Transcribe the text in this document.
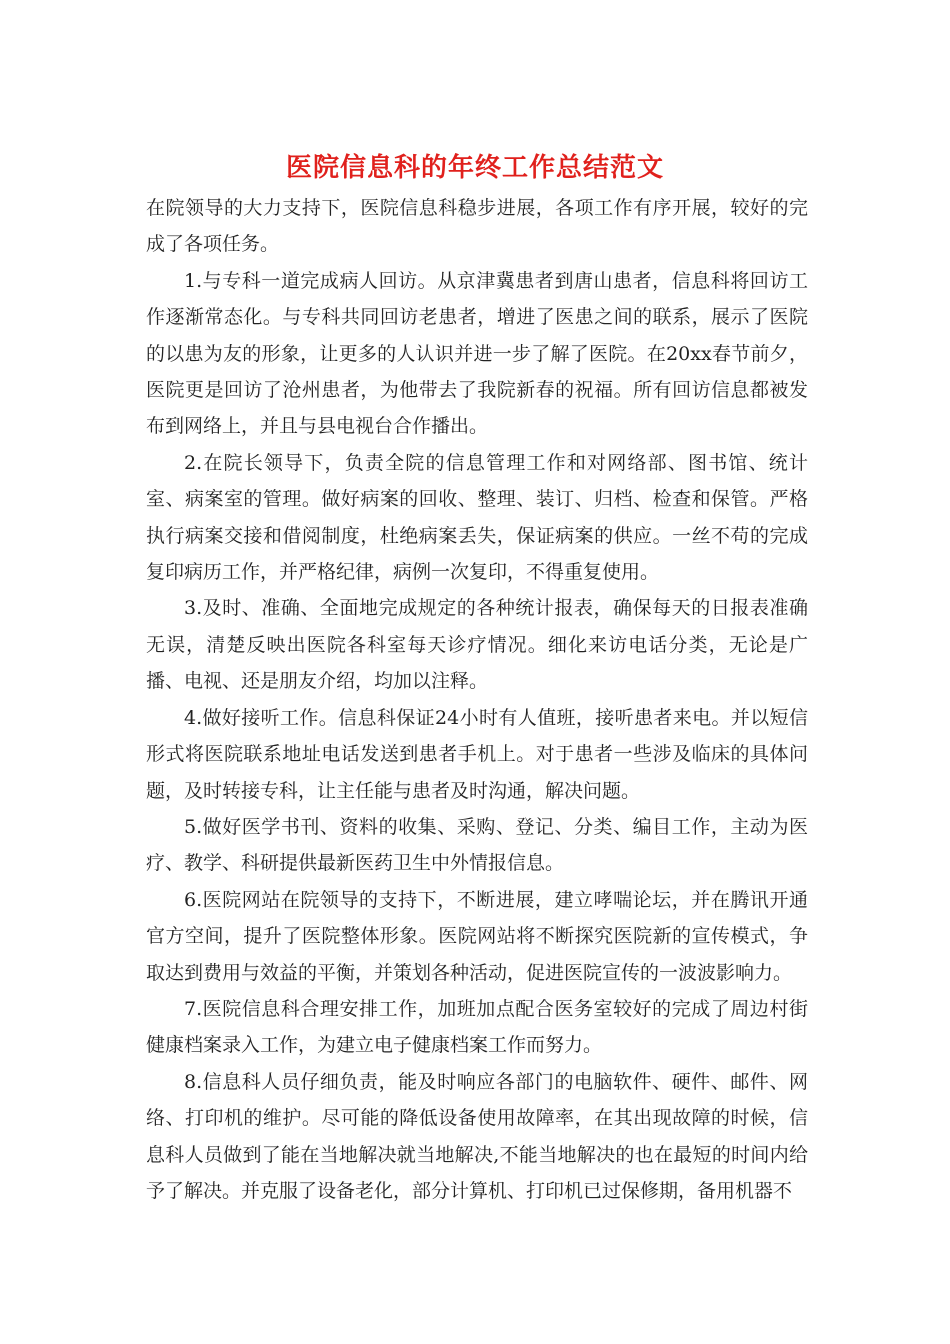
医院信息科的年终工作总结范文

在院领导的大力支持下，医院信息科稳步进展，各项工作有序开展，较好的完成了各项任务。

1.与专科一道完成病人回访。从京津冀患者到唐山患者，信息科将回访工作逐渐常态化。与专科共同回访老患者，增进了医患之间的联系，展示了医院的以患为友的形象，让更多的人认识并进一步了解了医院。在20xx春节前夕，医院更是回访了沧州患者，为他带去了我院新春的祝福。所有回访信息都被发布到网络上，并且与县电视台合作播出。

2.在院长领导下，负责全院的信息管理工作和对网络部、图书馆、统计室、病案室的管理。做好病案的回收、整理、装订、归档、检查和保管。严格执行病案交接和借阅制度，杜绝病案丢失，保证病案的供应。一丝不苟的完成复印病历工作，并严格纪律，病例一次复印，不得重复使用。

3.及时、准确、全面地完成规定的各种统计报表，确保每天的日报表准确无误，清楚反映出医院各科室每天诊疗情况。细化来访电话分类，无论是广播、电视、还是朋友介绍，均加以注释。

4.做好接听工作。信息科保证24小时有人值班，接听患者来电。并以短信形式将医院联系地址电话发送到患者手机上。对于患者一些涉及临床的具体问题，及时转接专科，让主任能与患者及时沟通，解决问题。

5.做好医学书刊、资料的收集、采购、登记、分类、编目工作，主动为医疗、教学、科研提供最新医药卫生中外情报信息。

6.医院网站在院领导的支持下，不断进展，建立哮喘论坛，并在腾讯开通官方空间，提升了医院整体形象。医院网站将不断探究医院新的宣传模式，争取达到费用与效益的平衡，并策划各种活动，促进医院宣传的一波波影响力。

7.医院信息科合理安排工作，加班加点配合医务室较好的完成了周边村街健康档案录入工作，为建立电子健康档案工作而努力。

8.信息科人员仔细负责，能及时响应各部门的电脑软件、硬件、邮件、网络、打印机的维护。尽可能的降低设备使用故障率，在其出现故障的时候，信息科人员做到了能在当地解决就当地解决,不能当地解决的也在最短的时间内给予了解决。并克服了设备老化，部分计算机、打印机已过保修期，备用机器不
